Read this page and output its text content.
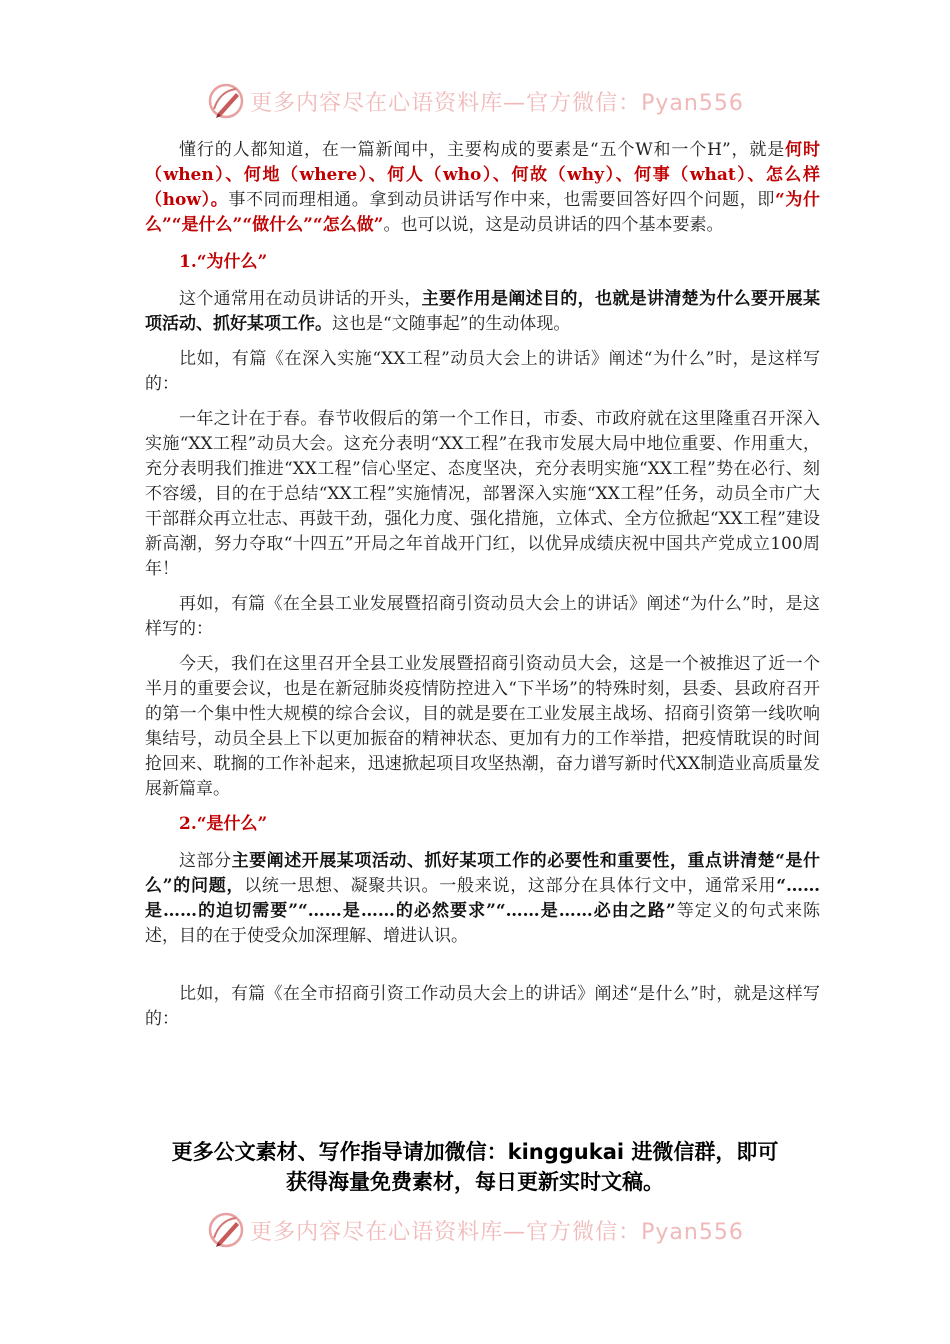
更多内容尽在心语资料库—官方微信：Pyan556

懂行的人都知道，在一篇新闻中，主要构成的要素是“五个W和一个H”，就是何时（when）、何地（where）、何人（who）、何故（why）、何事（what）、怎么样（how）。事不同而理相通。拿到动员讲话写作中来，也需要回答好四个问题，即“为什么”“是什么”“做什么”“怎么做”。也可以说，这是动员讲话的四个基本要素。

1.“为什么”

这个通常用在动员讲话的开头，主要作用是阐述目的，也就是讲清楚为什么要开展某项活动、抓好某项工作。这也是“文随事起”的生动体现。

比如，有篇《在深入实施“XX工程”动员大会上的讲话》阐述“为什么”时，是这样写的：

一年之计在于春。春节收假后的第一个工作日，市委、市政府就在这里隆重召开深入实施“XX工程”动员大会。这充分表明“XX工程”在我市发展大局中地位重要、作用重大，充分表明我们推进“XX工程”信心坚定、态度坚决，充分表明实施“XX工程”势在必行、刻不容缓，目的在于总结“XX工程”实施情况，部署深入实施“XX工程”任务，动员全市广大干部群众再立壮志、再鼓干劲，强化力度、强化措施，立体式、全方位掀起“XX工程”建设新高潮，努力夺取“十四五”开局之年首战开门红，以优异成绩庆祝中国共产党成立100周年！

再如，有篇《在全县工业发展暨招商引资动员大会上的讲话》阐述“为什么”时，是这样写的：

今天，我们在这里召开全县工业发展暨招商引资动员大会，这是一个被推迟了近一个半月的重要会议，也是在新冠肺炎疫情防控进入“下半场”的特殊时刻，县委、县政府召开的第一个集中性大规模的综合会议，目的就是要在工业发展主战场、招商引资第一线吹响集结号，动员全县上下以更加振奋的精神状态、更加有力的工作举措，把疫情耽误的时间抢回来、耽搁的工作补起来，迅速掀起项目攻坚热潮，奋力谱写新时代XX制造业高质量发展新篇章。

2.“是什么”

这部分主要阐述开展某项活动、抓好某项工作的必要性和重要性，重点讲清楚“是什么”的问题，以统一思想、凝聚共识。一般来说，这部分在具体行文中，通常采用“……是……的迫切需要”“……是……的必然要求”“……是……必由之路”等定义的句式来陈述，目的在于使受众加深理解、增进认识。

比如，有篇《在全市招商引资工作动员大会上的讲话》阐述“是什么”时，就是这样写的：

更多公文素材、写作指导请加微信：kinggukai 进微信群，即可
获得海量免费素材，每日更新实时文稿。
更多内容尽在心语资料库—官方微信：Pyan556
